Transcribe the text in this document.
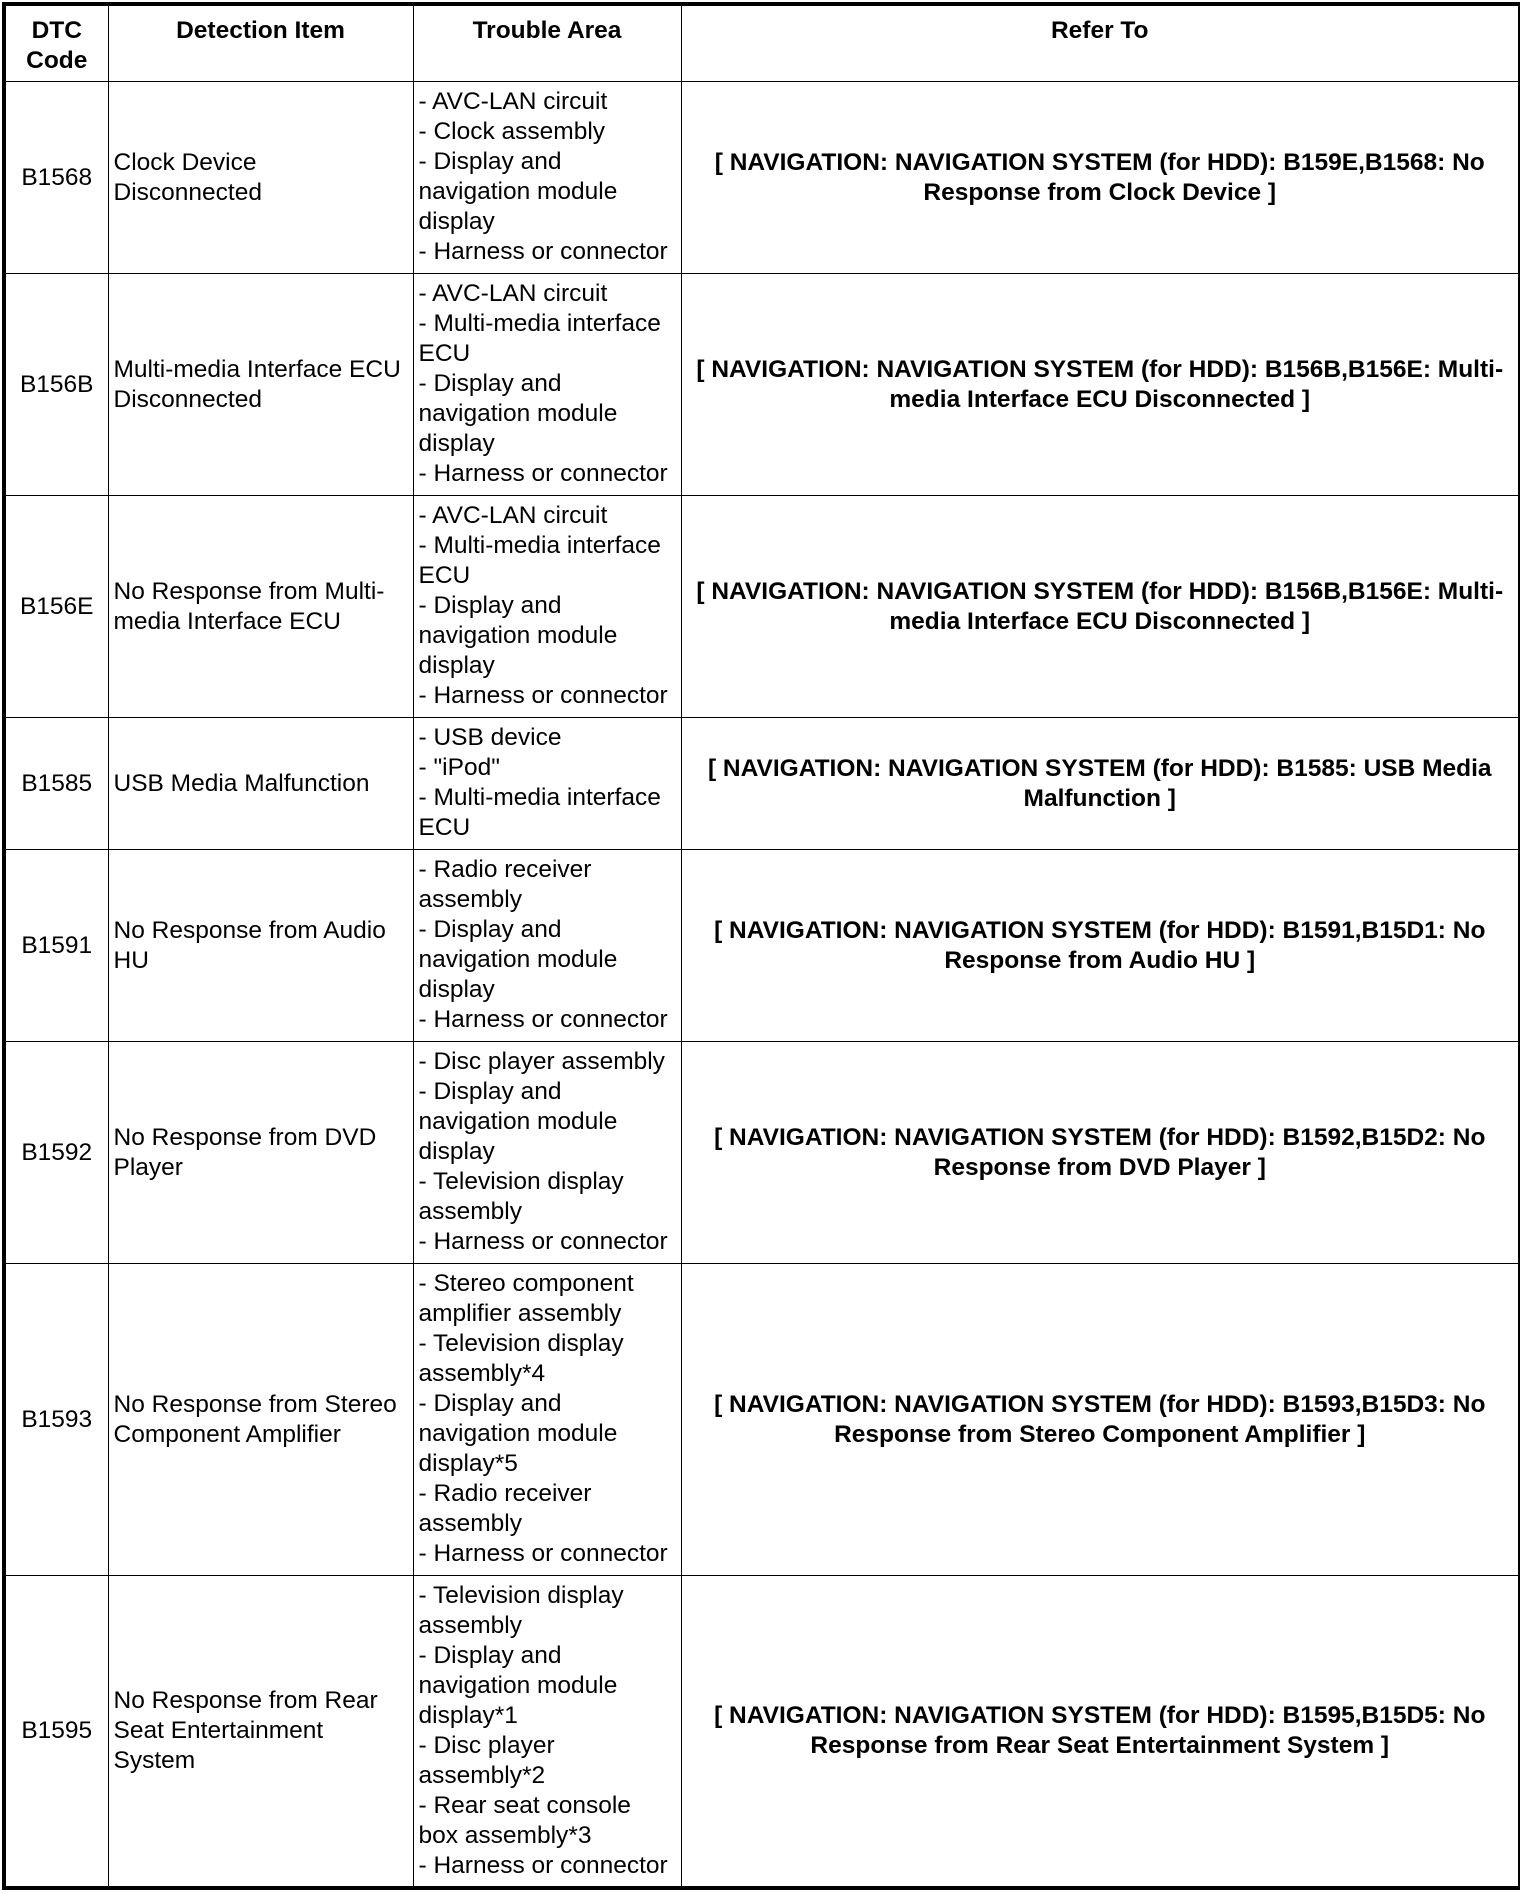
DTC
Code	Detection Item	Trouble Area	Refer To
B1568	Clock Device Disconnected	- AVC-LAN circuit
- Clock assembly
- Display and navigation module display
- Harness or connector	[ NAVIGATION: NAVIGATION SYSTEM (for HDD): B159E,B1568: No Response from Clock Device ]
B156B	Multi-media Interface ECU Disconnected	- AVC-LAN circuit
- Multi-media interface ECU
- Display and navigation module display
- Harness or connector	[ NAVIGATION: NAVIGATION SYSTEM (for HDD): B156B,B156E: Multi-media Interface ECU Disconnected ]
B156E	No Response from Multi-media Interface ECU	- AVC-LAN circuit
- Multi-media interface ECU
- Display and navigation module display
- Harness or connector	[ NAVIGATION: NAVIGATION SYSTEM (for HDD): B156B,B156E: Multi-media Interface ECU Disconnected ]
B1585	USB Media Malfunction	- USB device
- "iPod"
- Multi-media interface ECU	[ NAVIGATION: NAVIGATION SYSTEM (for HDD): B1585: USB Media Malfunction ]
B1591	No Response from Audio HU	- Radio receiver assembly
- Display and navigation module display
- Harness or connector	[ NAVIGATION: NAVIGATION SYSTEM (for HDD): B1591,B15D1: No Response from Audio HU ]
B1592	No Response from DVD Player	- Disc player assembly
- Display and navigation module display
- Television display assembly
- Harness or connector	[ NAVIGATION: NAVIGATION SYSTEM (for HDD): B1592,B15D2: No Response from DVD Player ]
B1593	No Response from Stereo Component Amplifier	- Stereo component amplifier assembly
- Television display assembly*4
- Display and navigation module display*5
- Radio receiver assembly
- Harness or connector	[ NAVIGATION: NAVIGATION SYSTEM (for HDD): B1593,B15D3: No Response from Stereo Component Amplifier ]
B1595	No Response from Rear Seat Entertainment System	- Television display assembly
- Display and navigation module display*1
- Disc player assembly*2
- Rear seat console box assembly*3
- Harness or connector	[ NAVIGATION: NAVIGATION SYSTEM (for HDD): B1595,B15D5: No Response from Rear Seat Entertainment System ]
